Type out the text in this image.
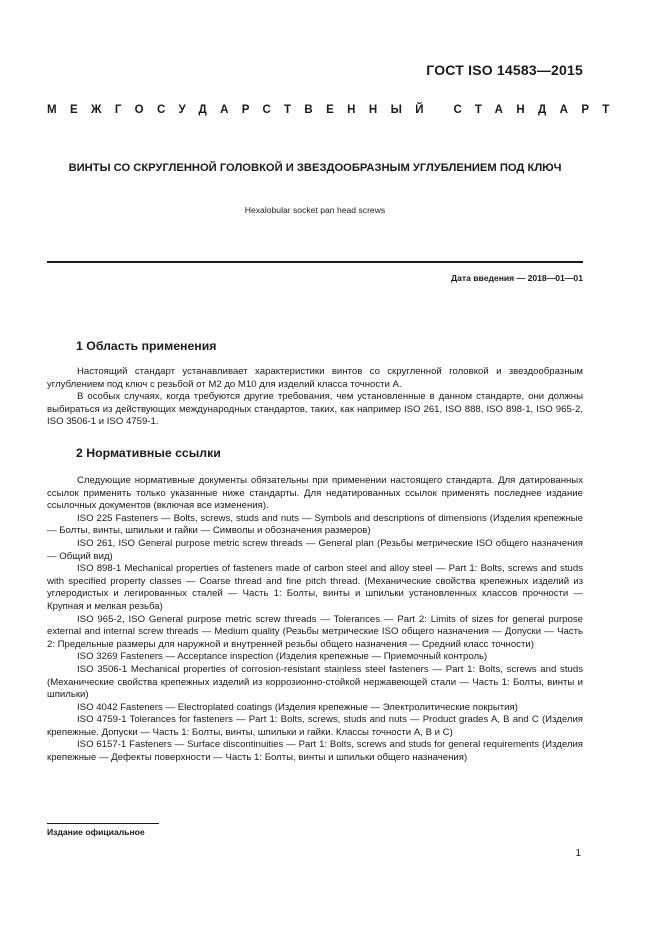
ГОСТ ISO 14583—2015
МЕЖГОСУДАРСТВЕННЫЙ СТАНДАРТ
ВИНТЫ СО СКРУГЛЕННОЙ ГОЛОВКОЙ И ЗВЕЗДООБРАЗНЫМ УГЛУБЛЕНИЕМ ПОД КЛЮЧ
Hexalobular socket pan head screws
Дата введения — 2018—01—01
1 Область применения

Настоящий стандарт устанавливает характеристики винтов со скругленной головкой и звездообразным углублением под ключ с резьбой от М2 до М10 для изделий класса точности А.

В особых случаях, когда требуются другие требования, чем установленные в данном стандарте, они должны выбираться из действующих международных стандартов, таких, как например ISO 261, ISO 888, ISO 898-1, ISO 965-2, ISO 3506-1 и ISO 4759-1.

2 Нормативные ссылки

Следующие нормативные документы обязательны при применении настоящего стандарта. Для датированных ссылок применять только указанные ниже стандарты. Для недатированных ссылок применять последнее издание ссылочных документов (включая все изменения).

ISO 225 Fasteners — Bolts, screws, studs and nuts — Symbols and descriptions of dimensions (Изделия крепежные — Болты, винты, шпильки и гайки — Символы и обозначения размеров)

ISO 261, ISO General purpose metric screw threads — General plan (Резьбы метрические ISO общего назначения — Общий вид)

ISO 898-1 Mechanical properties of fasteners made of carbon steel and alloy steel — Part 1: Bolts, screws and studs with specified property classes — Coarse thread and fine pitch thread. (Механические свойства крепежных изделий из углеродистых и легированных сталей — Часть 1: Болты, винты и шпильки установленных классов прочности — Крупная и мелкая резьба)

ISO 965-2, ISO General purpose metric screw threads — Tolerances — Part 2: Limits of sizes for general purpose external and internal screw threads — Medium quality (Резьбы метрические ISO общего назначения — Допуски — Часть 2: Предельные размеры для наружной и внутренней резьбы общего назначения — Средний класс точности)

ISO 3269 Fasteners — Acceptance inspection (Изделия крепежные — Приемочный контроль)

ISO 3506-1 Mechanical properties of corrosion-resistant stainless steel fasteners — Part 1: Bolts, screws and studs (Механические свойства крепежных изделий из коррозионно-стойкой нержавеющей стали — Часть 1: Болты, винты и шпильки)

ISO 4042 Fasteners — Electroplated coatings (Изделия крепежные — Электролитические покрытия)

ISO 4759-1 Tolerances for fasteners — Part 1: Bolts, screws, studs and nuts — Product grades A, B and C (Изделия крепежные. Допуски — Часть 1: Болты, винты, шпильки и гайки. Классы точности А, В и С)

ISO 6157-1 Fasteners — Surface discontinuities — Part 1: Bolts, screws and studs for general requirements (Изделия крепежные — Дефекты поверхности — Часть 1: Болты, винты и шпильки общего назначения)

Издание официальное
1
